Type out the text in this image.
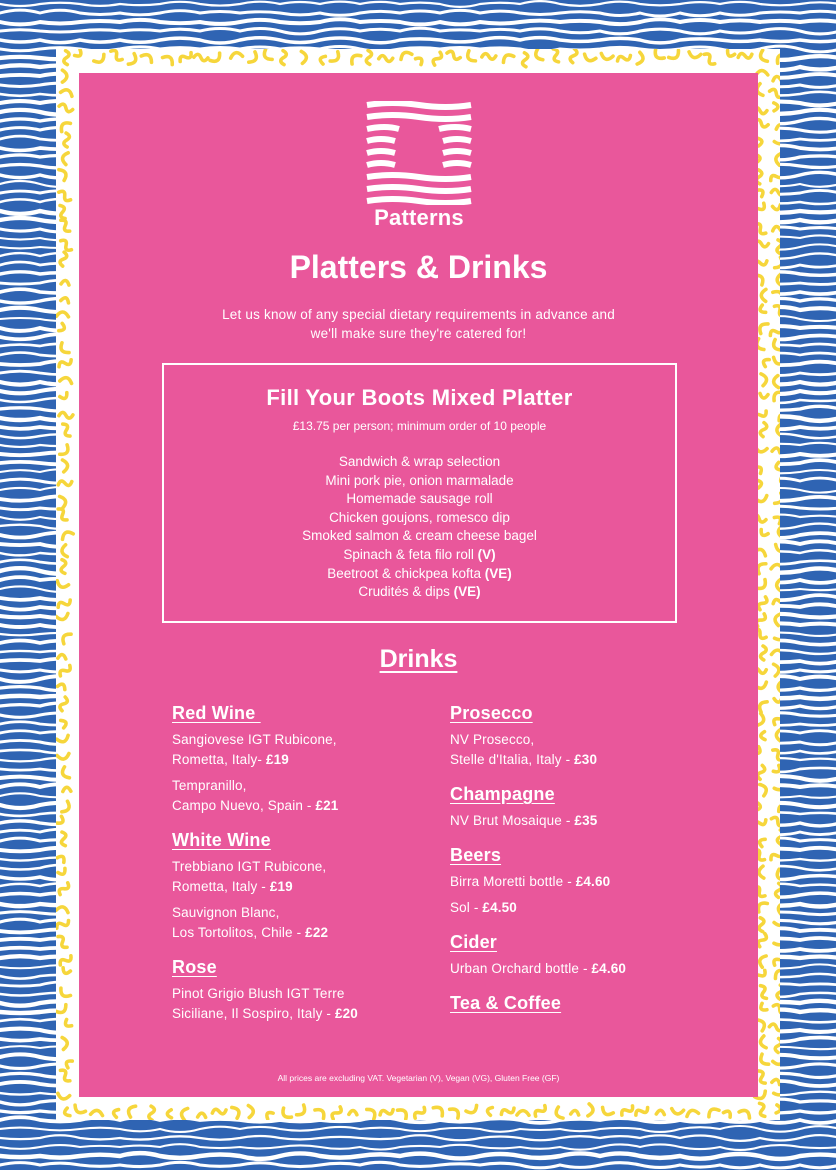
Patterns
Platters & Drinks
Let us know of any special dietary requirements in advance and
we'll make sure they're catered for!
Fill Your Boots Mixed Platter
£13.75 per person; minimum order of 10 people
Sandwich & wrap selection
Mini pork pie, onion marmalade
Homemade sausage roll
Chicken goujons, romesco dip
Smoked salmon & cream cheese bagel
Spinach & feta filo roll (V)
Beetroot & chickpea kofta (VE)
Crudités & dips (VE)
Drinks
Red Wine
Sangiovese IGT Rubicone,
Rometta, Italy- £19
Tempranillo,
Campo Nuevo, Spain - £21
White Wine
Trebbiano IGT Rubicone,
Rometta, Italy - £19
Sauvignon Blanc,
Los Tortolitos, Chile - £22
Rose
Pinot Grigio Blush IGT Terre
Siciliane, Il Sospiro, Italy - £20
Prosecco
NV Prosecco,
Stelle d'Italia, Italy - £30
Champagne
NV Brut Mosaique - £35
Beers
Birra Moretti bottle - £4.60
Sol - £4.50
Cider
Urban Orchard bottle - £4.60
Tea & Coffee
All prices are excluding VAT. Vegetarian (V), Vegan (VG), Gluten Free (GF)
